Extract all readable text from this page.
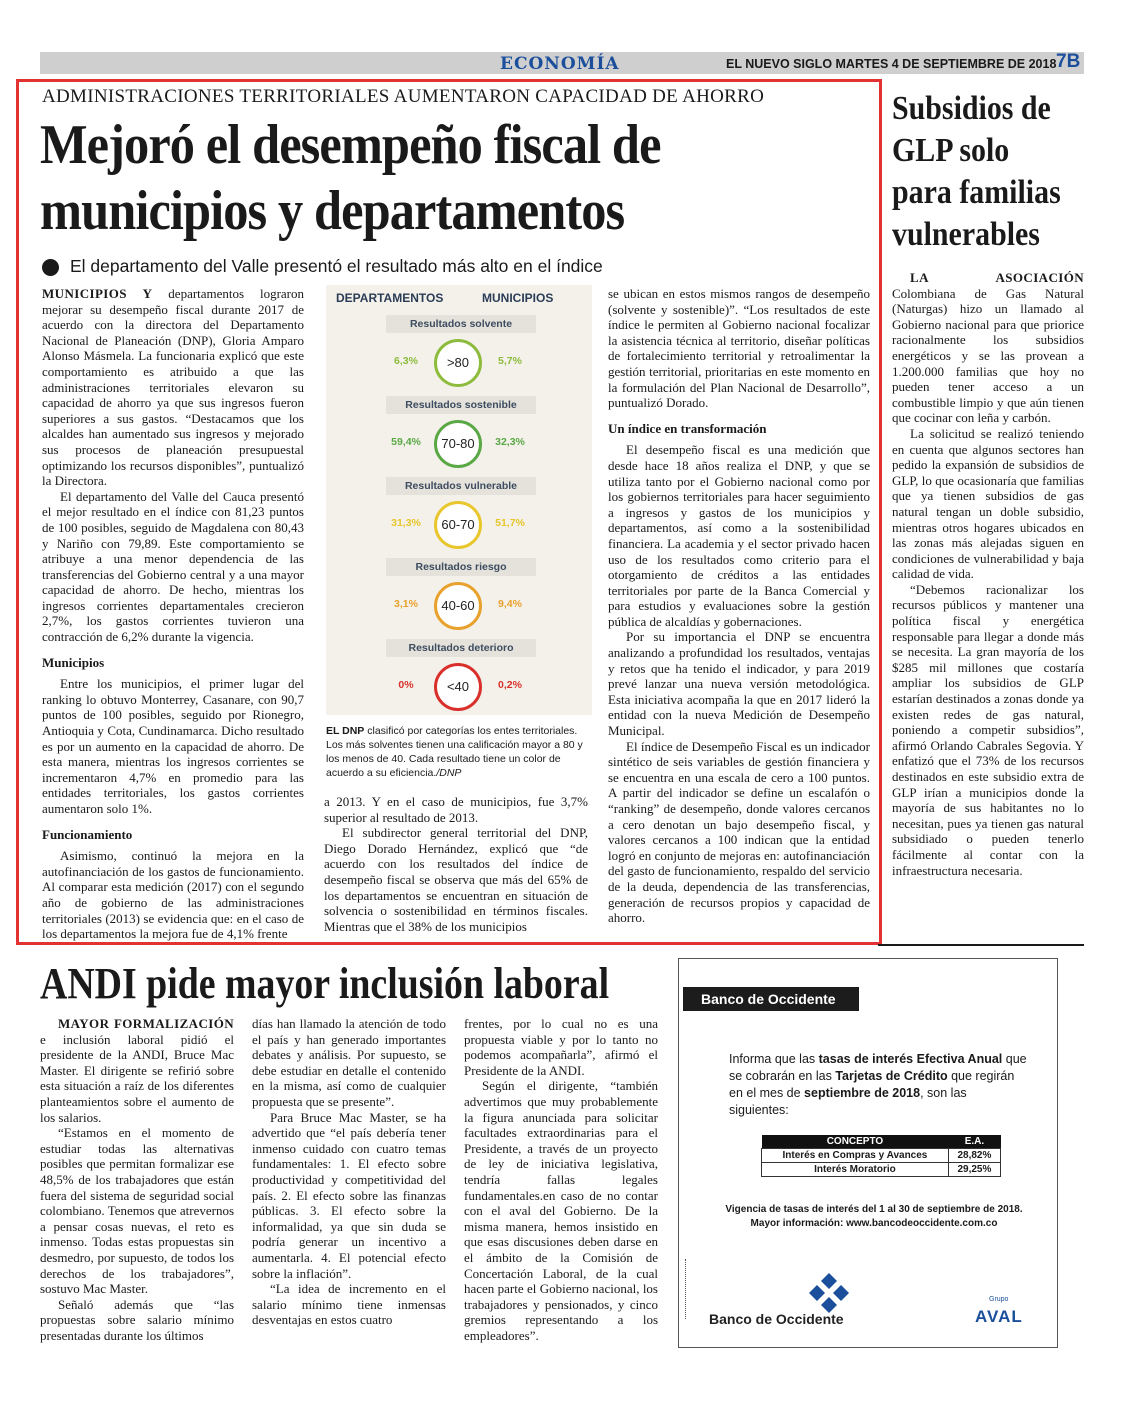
ECONOMÍA	EL NUEVO SIGLO MARTES 4 DE SEPTIEMBRE DE 2018 7B
ADMINISTRACIONES TERRITORIALES AUMENTARON CAPACIDAD DE AHORRO
Mejoró el desempeño fiscal de municipios y departamentos
El departamento del Valle presentó el resultado más alto en el índice

MUNICIPIOS Y departamentos lograron mejorar su desempeño fiscal durante 2017 de acuerdo con la directora del Departamento Nacional de Planeación (DNP), Gloria Amparo Alonso Másmela. La funcionaria explicó que este comportamiento es atribuido a que las administraciones territoriales elevaron su capacidad de ahorro ya que sus ingresos fueron superiores a sus gastos. “Destacamos que los alcaldes han aumentado sus ingresos y mejorado sus procesos de planeación presupuestal optimizando los recursos disponibles”, puntualizó la Directora.

El departamento del Valle del Cauca presentó el mejor resultado en el índice con 81,23 puntos de 100 posibles, seguido de Magdalena con 80,43 y Nariño con 79,89. Este comportamiento se atribuye a una menor dependencia de las transferencias del Gobierno central y a una mayor capacidad de ahorro. De hecho, mientras los ingresos corrientes departamentales crecieron 2,7%, los gastos corrientes tuvieron una contracción de 6,2% durante la vigencia.

Municipios

Entre los municipios, el primer lugar del ranking lo obtuvo Monterrey, Casanare, con 90,7 puntos de 100 posibles, seguido por Rionegro, Antioquia y Cota, Cundinamarca. Dicho resultado es por un aumento en la capacidad de ahorro. De esta manera, mientras los ingresos corrientes se incrementaron 4,7% en promedio para las entidades territoriales, los gastos corrientes aumentaron solo 1%.

Funcionamiento

Asimismo, continuó la mejora en la autofinanciación de los gastos de funcionamiento. Al comparar esta medición (2017) con el segundo año de gobierno de las administraciones territoriales (2013) se evidencia que: en el caso de los departamentos la mejora fue de 4,1% frente

DEPARTAMENTOS	MUNICIPIOS
Resultados solvente
>80
6,3%	5,7%
Resultados sostenible
70-80
59,4%	32,3%
Resultados vulnerable
60-70
31,3%	51,7%
Resultados riesgo
40-60
3,1%	9,4%
Resultados deterioro
<40
0%	0,2%
EL DNP clasificó por categorías los entes territoriales. Los más solventes tienen una calificación mayor a 80 y los menos de 40. Cada resultado tiene un color de acuerdo a su eficiencia./DNP

a 2013. Y en el caso de municipios, fue 3,7% superior al resultado de 2013.

El subdirector general territorial del DNP, Diego Dorado Hernández, explicó que “de acuerdo con los resultados del índice de desempeño fiscal se observa que más del 65% de los departamentos se encuentran en situación de solvencia o sostenibilidad en términos fiscales. Mientras que el 38% de los municipios

se ubican en estos mismos rangos de desempeño (solvente y sostenible)”. “Los resultados de este índice le permiten al Gobierno nacional focalizar la asistencia técnica al territorio, diseñar políticas de fortalecimiento territorial y retroalimentar la gestión territorial, prioritarias en este momento en la formulación del Plan Nacional de Desarrollo”, puntualizó Dorado.

Un índice en transformación

El desempeño fiscal es una medición que desde hace 18 años realiza el DNP, y que se utiliza tanto por el Gobierno nacional como por los gobiernos territoriales para hacer seguimiento a ingresos y gastos de los municipios y departamentos, así como a la sostenibilidad financiera. La academia y el sector privado hacen uso de los resultados como criterio para el otorgamiento de créditos a las entidades territoriales por parte de la Banca Comercial y para estudios y evaluaciones sobre la gestión pública de alcaldías y gobernaciones.

Por su importancia el DNP se encuentra analizando a profundidad los resultados, ventajas y retos que ha tenido el indicador, y para 2019 prevé lanzar una nueva versión metodológica. Esta iniciativa acompaña la que en 2017 lideró la entidad con la nueva Medición de Desempeño Municipal.

El índice de Desempeño Fiscal es un indicador sintético de seis variables de gestión financiera y se encuentra en una escala de cero a 100 puntos. A partir del indicador se define un escalafón o “ranking” de desempeño, donde valores cercanos a cero denotan un bajo desempeño fiscal, y valores cercanos a 100 indican que la entidad logró en conjunto de mejoras en: autofinanciación del gasto de funcionamiento, respaldo del servicio de la deuda, dependencia de las transferencias, generación de recursos propios y capacidad de ahorro.

Subsidios de GLP solo para familias vulnerables

LA ASOCIACIÓN Colombiana de Gas Natural (Naturgas) hizo un llamado al Gobierno nacional para que priorice racionalmente los subsidios energéticos y se las provean a 1.200.000 familias que hoy no pueden tener acceso a un combustible limpio y que aún tienen que cocinar con leña y carbón.

La solicitud se realizó teniendo en cuenta que algunos sectores han pedido la expansión de subsidios de GLP, lo que ocasionaría que familias que ya tienen subsidios de gas natural tengan un doble subsidio, mientras otros hogares ubicados en las zonas más alejadas siguen en condiciones de vulnerabilidad y baja calidad de vida.

“Debemos racionalizar los recursos públicos y mantener una política fiscal y energética responsable para llegar a donde más se necesita. La gran mayoría de los $285 mil millones que costaría ampliar los subsidios de GLP estarían destinados a zonas donde ya existen redes de gas natural, poniendo a competir subsidios”, afirmó Orlando Cabrales Segovia. Y enfatizó que el 73% de los recursos destinados en este subsidio extra de GLP irían a municipios donde la mayoría de sus habitantes no lo necesitan, pues ya tienen gas natural subsidiado o pueden tenerlo fácilmente al contar con la infraestructura necesaria.

ANDI pide mayor inclusión laboral

MAYOR FORMALIZACIÓN e inclusión laboral pidió el presidente de la ANDI, Bruce Mac Master. El dirigente se refirió sobre esta situación a raíz de los diferentes planteamientos sobre el aumento de los salarios.

“Estamos en el momento de estudiar todas las alternativas posibles que permitan formalizar ese 48,5% de los trabajadores que están fuera del sistema de seguridad social colombiano. Tenemos que atrevernos a pensar cosas nuevas, el reto es inmenso. Todas estas propuestas sin desmedro, por supuesto, de todos los derechos de los trabajadores”, sostuvo Mac Master.

Señaló además que “las propuestas sobre salario mínimo presentadas durante los últimos

días han llamado la atención de todo el país y han generado importantes debates y análisis. Por supuesto, se debe estudiar en detalle el contenido en la misma, así como de cualquier propuesta que se presente”.

Para Bruce Mac Master, se ha advertido que “el país debería tener inmenso cuidado con cuatro temas fundamentales: 1. El efecto sobre productividad y competitividad del país. 2. El efecto sobre las finanzas públicas. 3. El efecto sobre la informalidad, ya que sin duda se podría generar un incentivo a aumentarla. 4. El potencial efecto sobre la inflación”.

“La idea de incremento en el salario mínimo tiene inmensas desventajas en estos cuatro

frentes, por lo cual no es una propuesta viable y por lo tanto no podemos acompañarla”, afirmó el Presidente de la ANDI.

Según el dirigente, “también advertimos que muy probablemente la figura anunciada para solicitar facultades extraordinarias para el Presidente, a través de un proyecto de ley de iniciativa legislativa, tendría fallas legales fundamentales.en caso de no contar con el aval del Gobierno. De la misma manera, hemos insistido en que esas discusiones deben darse en el ámbito de la Comisión de Concertación Laboral, de la cual hacen parte el Gobierno nacional, los trabajadores y pensionados, y cinco gremios representando a los empleadores”.

Banco de Occidente
Informa que las tasas de interés Efectiva Anual que se cobrarán en las Tarjetas de Crédito que regirán en el mes de septiembre de 2018, son las siguientes:
CONCEPTO	E.A.
Interés en Compras y Avances	28,82%
Interés Moratorio	29,25%
Vigencia de tasas de interés del 1 al 30 de septiembre de 2018.
Mayor información: www.bancodeoccidente.com.co
Banco de Occidente
Grupo
AVAL
